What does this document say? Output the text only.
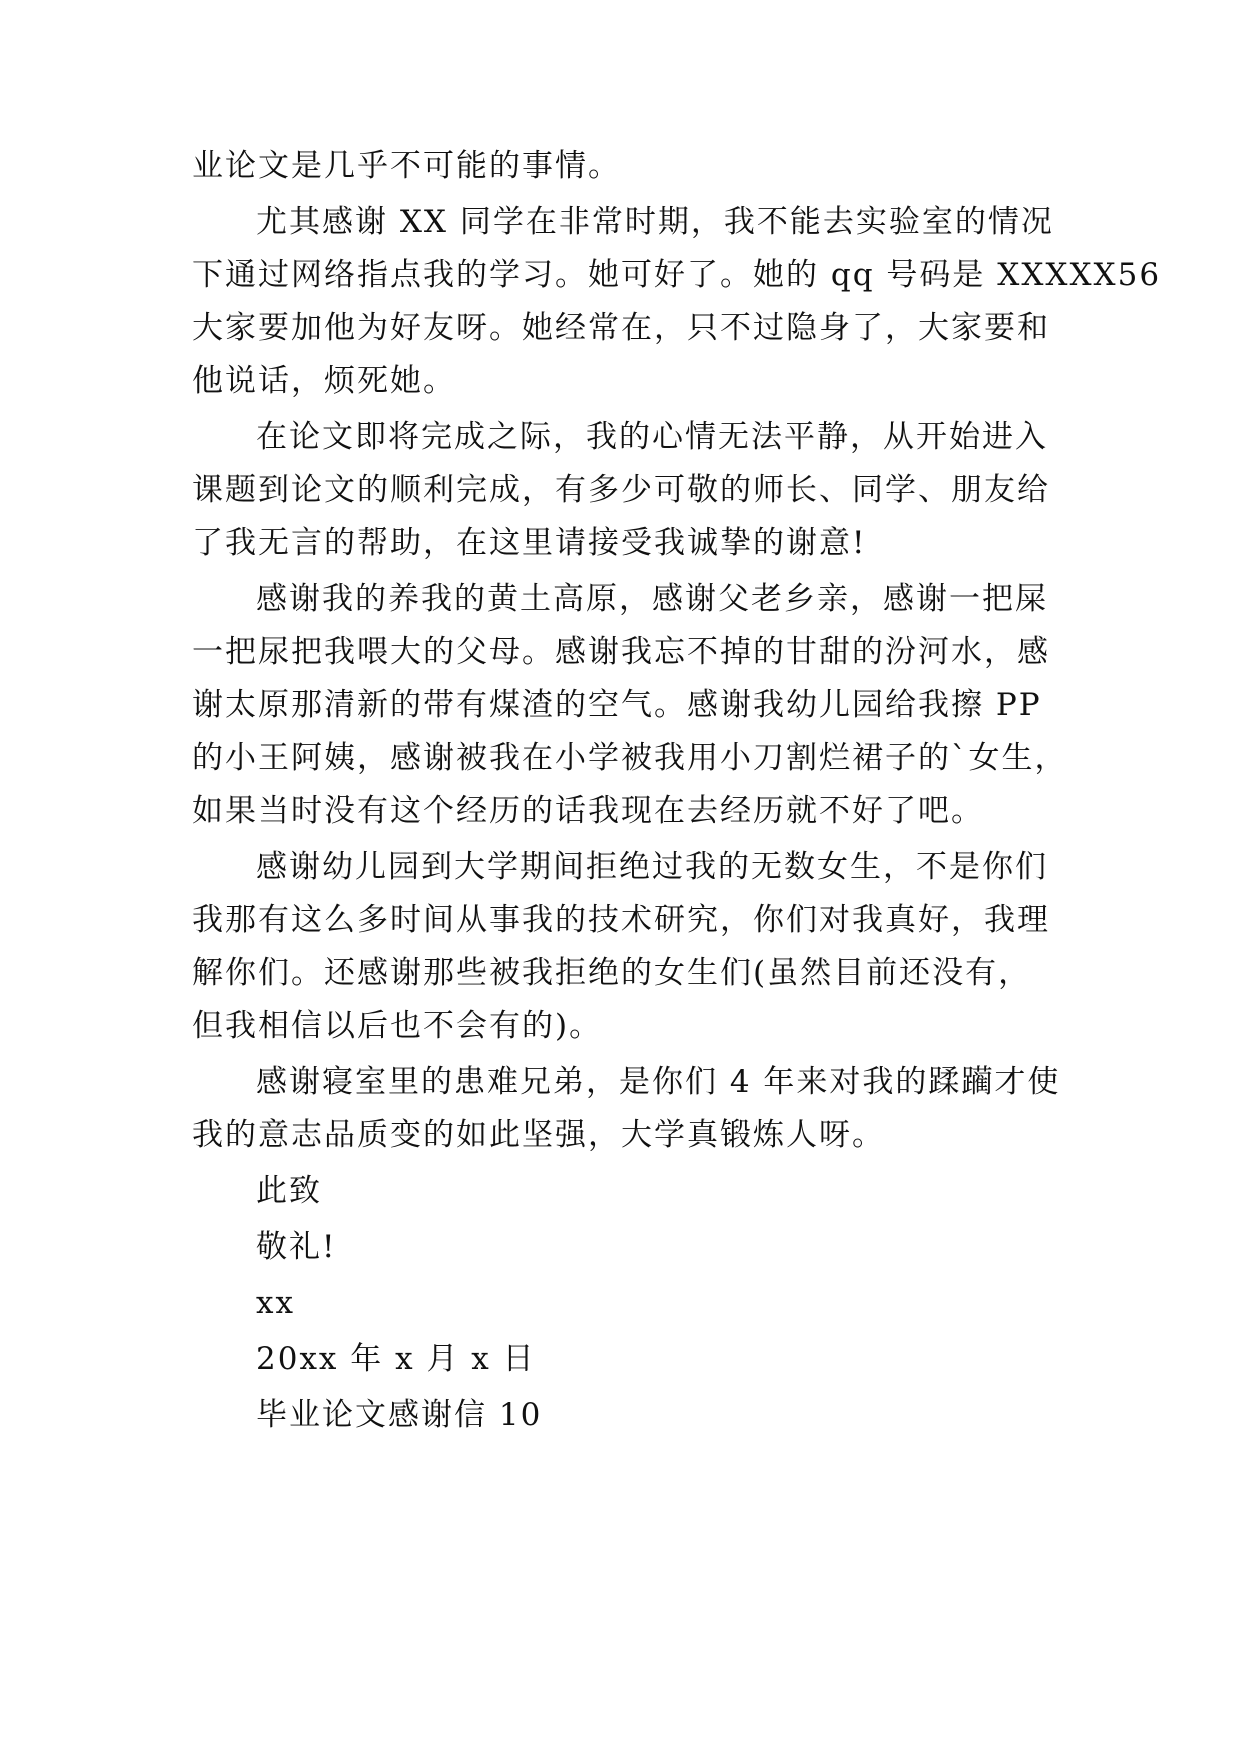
业论文是几乎不可能的事情。
尤其感谢 XX 同学在非常时期，我不能去实验室的情况
下通过网络指点我的学习。她可好了。她的 qq 号码是 XXXXX56
大家要加他为好友呀。她经常在，只不过隐身了，大家要和
他说话，烦死她。
在论文即将完成之际，我的心情无法平静，从开始进入
课题到论文的顺利完成，有多少可敬的师长、同学、朋友给
了我无言的帮助，在这里请接受我诚挚的谢意!
感谢我的养我的黄土高原，感谢父老乡亲，感谢一把屎
一把尿把我喂大的父母。感谢我忘不掉的甘甜的汾河水，感
谢太原那清新的带有煤渣的空气。感谢我幼儿园给我擦 PP
的小王阿姨，感谢被我在小学被我用小刀割烂裙子的`女生，
如果当时没有这个经历的话我现在去经历就不好了吧。
感谢幼儿园到大学期间拒绝过我的无数女生，不是你们
我那有这么多时间从事我的技术研究，你们对我真好，我理
解你们。还感谢那些被我拒绝的女生们(虽然目前还没有，
但我相信以后也不会有的)。
感谢寝室里的患难兄弟，是你们 4 年来对我的蹂躏才使
我的意志品质变的如此坚强，大学真锻炼人呀。
此致
敬礼!
xx
20xx 年 x 月 x 日
毕业论文感谢信 10
